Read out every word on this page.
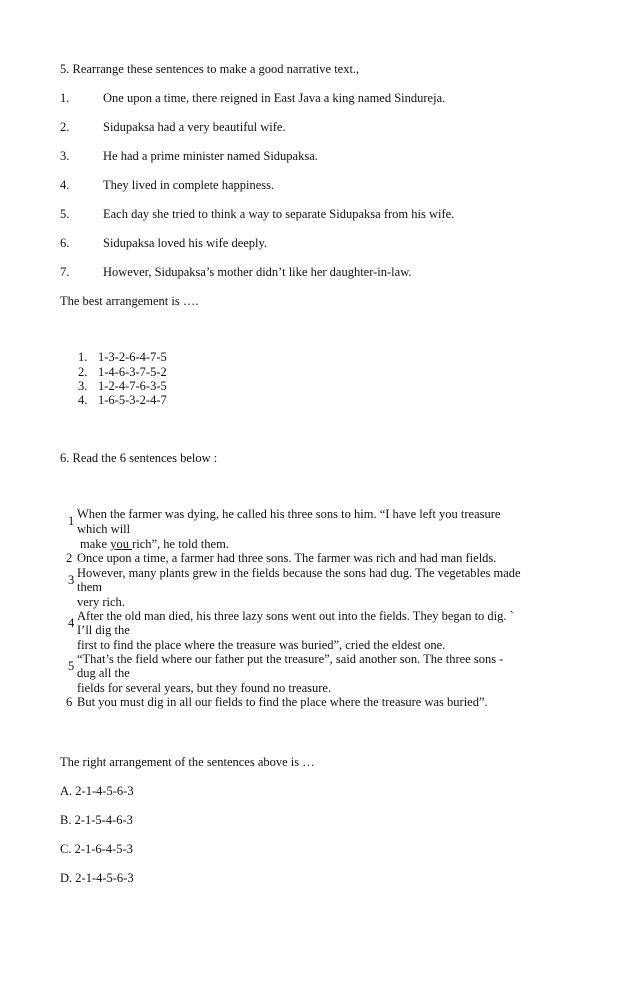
5. Rearrange these sentences to make a good narrative text.,
1.	One upon a time, there reigned in East Java a king named Sindureja.
2.	Sidupaksa had a very beautiful wife.
3.	He had a prime minister named Sidupaksa.
4.	They lived in complete happiness.
5.	Each day she tried to think a way to separate Sidupaksa from his wife.
6.	Sidupaksa loved his wife deeply.
7.	However, Sidupaksa’s mother didn’t like her daughter-in-law.
The best arrangement is ….
1. 1-3-2-6-4-7-5
2. 1-4-6-3-7-5-2
3. 1-2-4-7-6-3-5
4. 1-6-5-3-2-4-7
6. Read the 6 sentences below :
1 When the farmer was dying, he called his three sons to him. “I have left you treasure
which will
make you rich”, he told them.
2 Once upon a time, a farmer had three sons. The farmer was rich and had man fields.
3 However, many plants grew in the fields because the sons had dug. The vegetables made
them
very rich.
4 After the old man died, his three lazy sons went out into the fields. They began to dig. `
I’ll dig the
first to find the place where the treasure was buried”, cried the eldest one.
5 “That’s the field where our father put the treasure”, said another son. The three sons -
dug all the
fields for several years, but they found no treasure.
6 But you must dig in all our fields to find the place where the treasure was buried”.
The right arrangement of the sentences above is …
A. 2-1-4-5-6-3
B. 2-1-5-4-6-3
C. 2-1-6-4-5-3
D. 2-1-4-5-6-3
